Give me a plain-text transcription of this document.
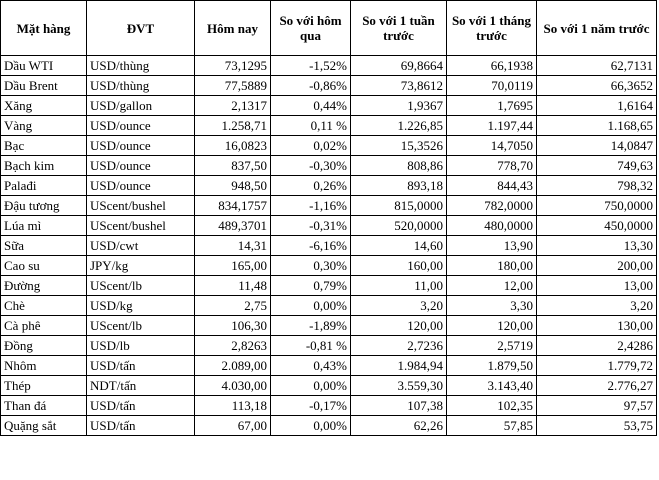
Mặt hàng	ĐVT	Hôm nay	So với hôm qua	So với 1 tuần trước	So với 1 tháng trước	So với 1 năm trước
Dầu WTI	USD/thùng	73,1295	-1,52%	69,8664	66,1938	62,7131
Dầu Brent	USD/thùng	77,5889	-0,86%	73,8612	70,0119	66,3652
Xăng	USD/gallon	2,1317	0,44%	1,9367	1,7695	1,6164
Vàng	USD/ounce	1.258,71	0,11 %	1.226,85	1.197,44	1.168,65
Bạc	USD/ounce	16,0823	0,02%	15,3526	14,7050	14,0847
Bạch kim	USD/ounce	837,50	-0,30%	808,86	778,70	749,63
Palađi	USD/ounce	948,50	0,26%	893,18	844,43	798,32
Đậu tương	UScent/bushel	834,1757	-1,16%	815,0000	782,0000	750,0000
Lúa mì	UScent/bushel	489,3701	-0,31%	520,0000	480,0000	450,0000
Sữa	USD/cwt	14,31	-6,16%	14,60	13,90	13,30
Cao su	JPY/kg	165,00	0,30%	160,00	180,00	200,00
Đường	UScent/lb	11,48	0,79%	11,00	12,00	13,00
Chè	USD/kg	2,75	0,00%	3,20	3,30	3,20
Cà phê	UScent/lb	106,30	-1,89%	120,00	120,00	130,00
Đồng	USD/lb	2,8263	-0,81 %	2,7236	2,5719	2,4286
Nhôm	USD/tấn	2.089,00	0,43%	1.984,94	1.879,50	1.779,72
Thép	NDT/tấn	4.030,00	0,00%	3.559,30	3.143,40	2.776,27
Than đá	USD/tấn	113,18	-0,17%	107,38	102,35	97,57
Quặng sắt	USD/tấn	67,00	0,00%	62,26	57,85	53,75
